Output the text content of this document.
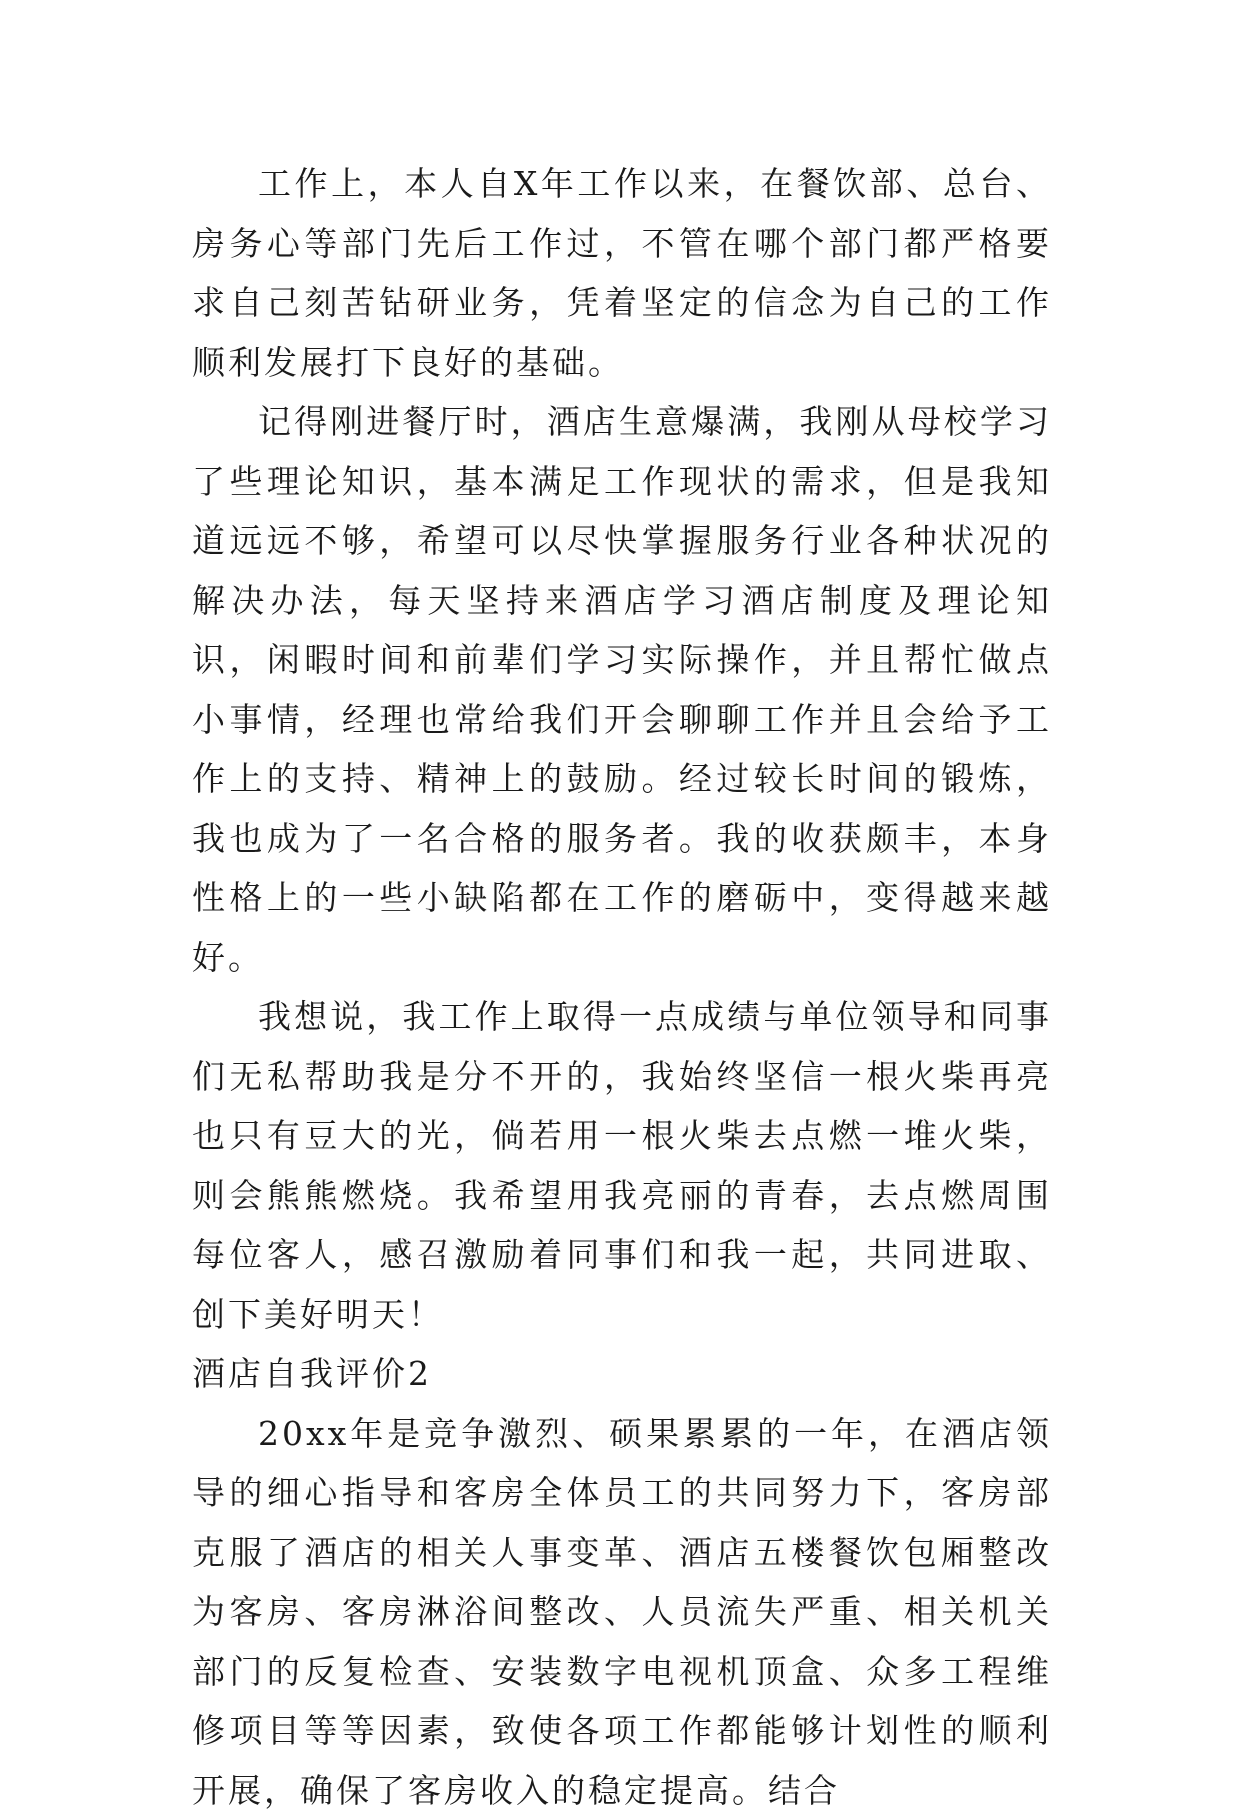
工作上，本人自X年工作以来，在餐饮部、总台、房务心等部门先后工作过，不管在哪个部门都严格要求自己刻苦钻研业务，凭着坚定的信念为自己的工作顺利发展打下良好的基础。

记得刚进餐厅时，酒店生意爆满，我刚从母校学习了些理论知识，基本满足工作现状的需求，但是我知道远远不够，希望可以尽快掌握服务行业各种状况的解决办法，每天坚持来酒店学习酒店制度及理论知识，闲暇时间和前辈们学习实际操作，并且帮忙做点小事情，经理也常给我们开会聊聊工作并且会给予工作上的支持、精神上的鼓励。经过较长时间的锻炼，我也成为了一名合格的服务者。我的收获颇丰，本身性格上的一些小缺陷都在工作的磨砺中，变得越来越好。

我想说，我工作上取得一点成绩与单位领导和同事们无私帮助我是分不开的，我始终坚信一根火柴再亮也只有豆大的光，倘若用一根火柴去点燃一堆火柴，则会熊熊燃烧。我希望用我亮丽的青春，去点燃周围每位客人，感召激励着同事们和我一起，共同进取、创下美好明天！

酒店自我评价2

20xx年是竞争激烈、硕果累累的一年，在酒店领导的细心指导和客房全体员工的共同努力下，客房部克服了酒店的相关人事变革、酒店五楼餐饮包厢整改为客房、客房淋浴间整改、人员流失严重、相关机关部门的反复检查、安装数字电视机顶盒、众多工程维修项目等等因素，致使各项工作都能够计划性的顺利开展，确保了客房收入的稳定提高。结合
